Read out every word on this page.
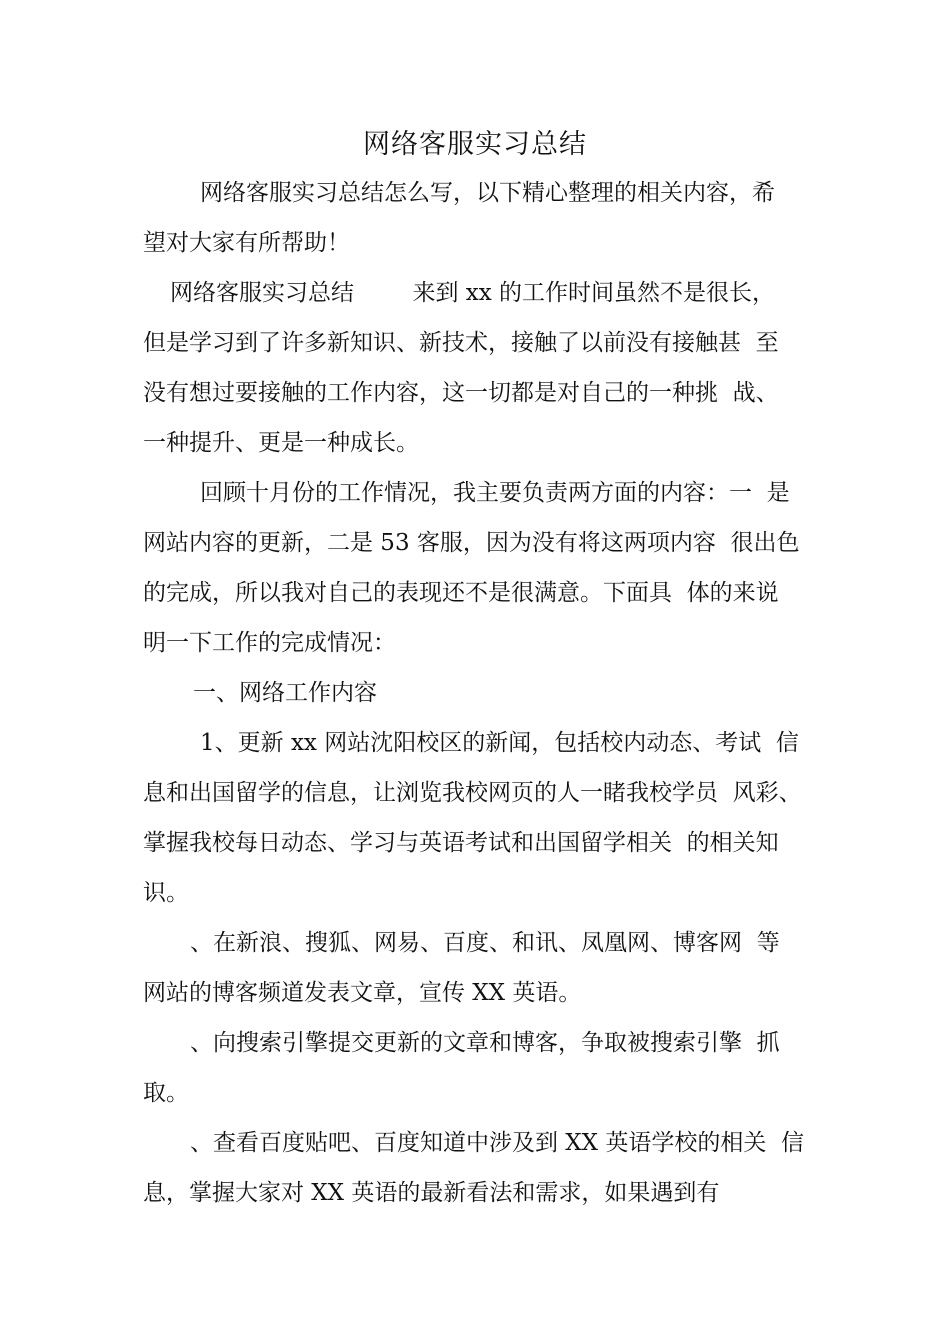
网络客服实习总结
网络客服实习总结怎么写，以下精心整理的相关内容，希
望对大家有所帮助！
网络客服实习总结        来到 xx 的工作时间虽然不是很长，
但是学习到了许多新知识、新技术，接触了以前没有接触甚  至
没有想过要接触的工作内容，这一切都是对自己的一种挑  战、
一种提升、更是一种成长。
回顾十月份的工作情况，我主要负责两方面的内容：一  是
网站内容的更新，二是 53 客服，因为没有将这两项内容  很出色
的完成，所以我对自己的表现还不是很满意。下面具  体的来说
明一下工作的完成情况：
一、网络工作内容
1、更新 xx 网站沈阳校区的新闻，包括校内动态、考试  信
息和出国留学的信息，让浏览我校网页的人一睹我校学员  风彩、
掌握我校每日动态、学习与英语考试和出国留学相关  的相关知
识。
、在新浪、搜狐、网易、百度、和讯、凤凰网、博客网  等
网站的博客频道发表文章，宣传 XX 英语。
、向搜索引擎提交更新的文章和博客，争取被搜索引擎  抓
取。
、查看百度贴吧、百度知道中涉及到 XX 英语学校的相关  信
息，掌握大家对 XX 英语的最新看法和需求，如果遇到有
